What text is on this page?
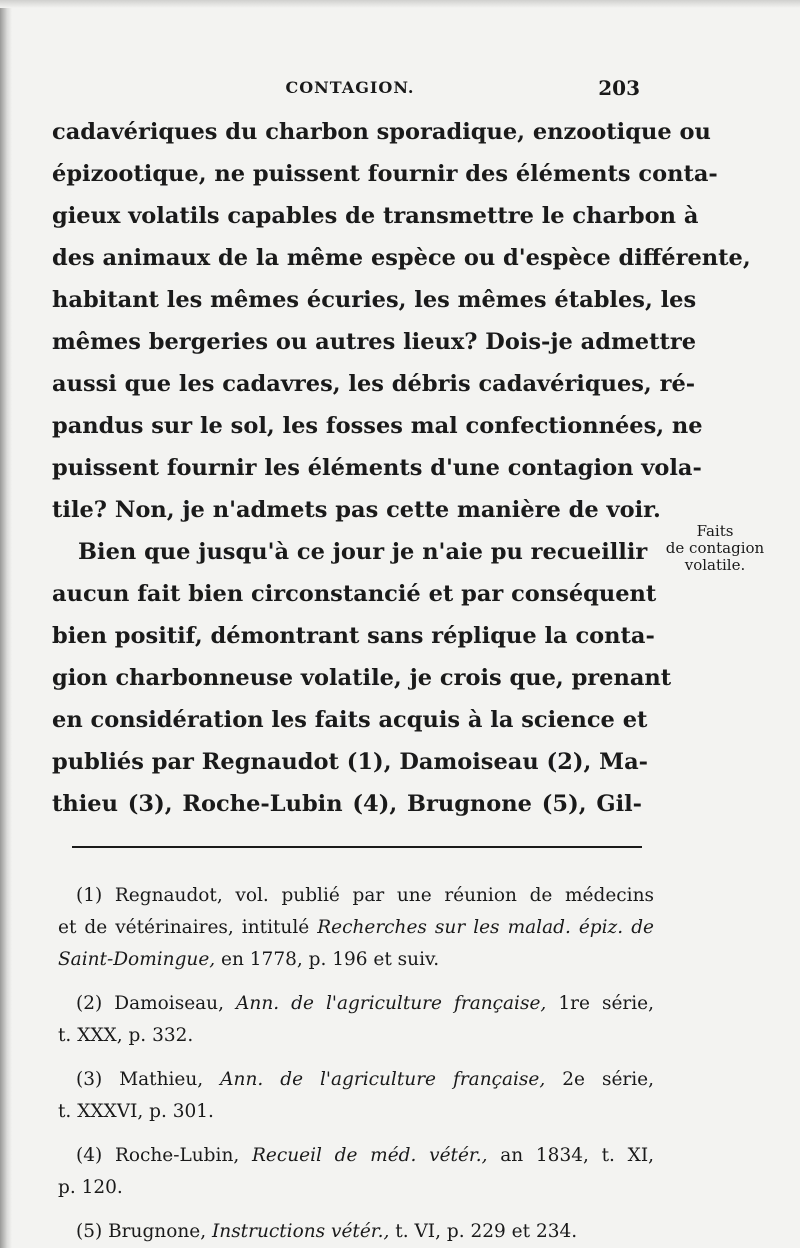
CONTAGION.	203
cadavériques du charbon sporadique, enzootique ou
épizootique, ne puissent fournir des éléments conta-
gieux volatils capables de transmettre le charbon à
des animaux de la même espèce ou d'espèce différente,
habitant les mêmes écuries, les mêmes étables, les
mêmes bergeries ou autres lieux? Dois-je admettre
aussi que les cadavres, les débris cadavériques, ré-
pandus sur le sol, les fosses mal confectionnées, ne
puissent fournir les éléments d'une contagion vola-
tile? Non, je n'admets pas cette manière de voir.
Bien que jusqu'à ce jour je n'aie pu recueillir
aucun fait bien circonstancié et par conséquent
bien positif, démontrant sans réplique la conta-
gion charbonneuse volatile, je crois que, prenant
en considération les faits acquis à la science et
publiés par Regnaudot (1), Damoiseau (2), Ma-
thieu (3), Roche-Lubin (4), Brugnone (5), Gil-
Faits
de contagion
volatile.
(1) Regnaudot, vol. publié par une réunion de médecins
et de vétérinaires, intitulé Recherches sur les malad. épiz. de
Saint-Domingue, en 1778, p. 196 et suiv.
(2) Damoiseau, Ann. de l'agriculture française, 1re série,
t. XXX, p. 332.
(3) Mathieu, Ann. de l'agriculture française, 2e série,
t. XXXVI, p. 301.
(4) Roche-Lubin, Recueil de méd. vétér., an 1834, t. XI,
p. 120.
(5) Brugnone, Instructions vétér., t. VI, p. 229 et 234.
